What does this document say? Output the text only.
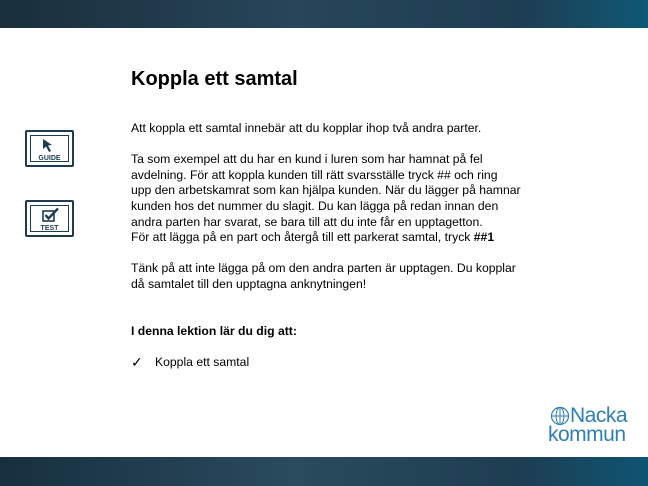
Koppla ett samtal
GUIDE
TEST

Att koppla ett samtal innebär att du kopplar ihop två andra parter.

Ta som exempel att du har en kund i luren som har hamnat på fel
avdelning. För att koppla kunden till rätt svarsställe tryck ## och ring
upp den arbetskamrat som kan hjälpa kunden. När du lägger på hamnar
kunden hos det nummer du slagit. Du kan lägga på redan innan den
andra parten har svarat, se bara till att du inte får en upptagetton.
För att lägga på en part och återgå till ett parkerat samtal, tryck ##1

Tänk på att inte lägga på om den andra parten är upptagen. Du kopplar
då samtalet till den upptagna anknytningen!

I denna lektion lär du dig att:

✓	Koppla ett samtal
Nacka
kommun
